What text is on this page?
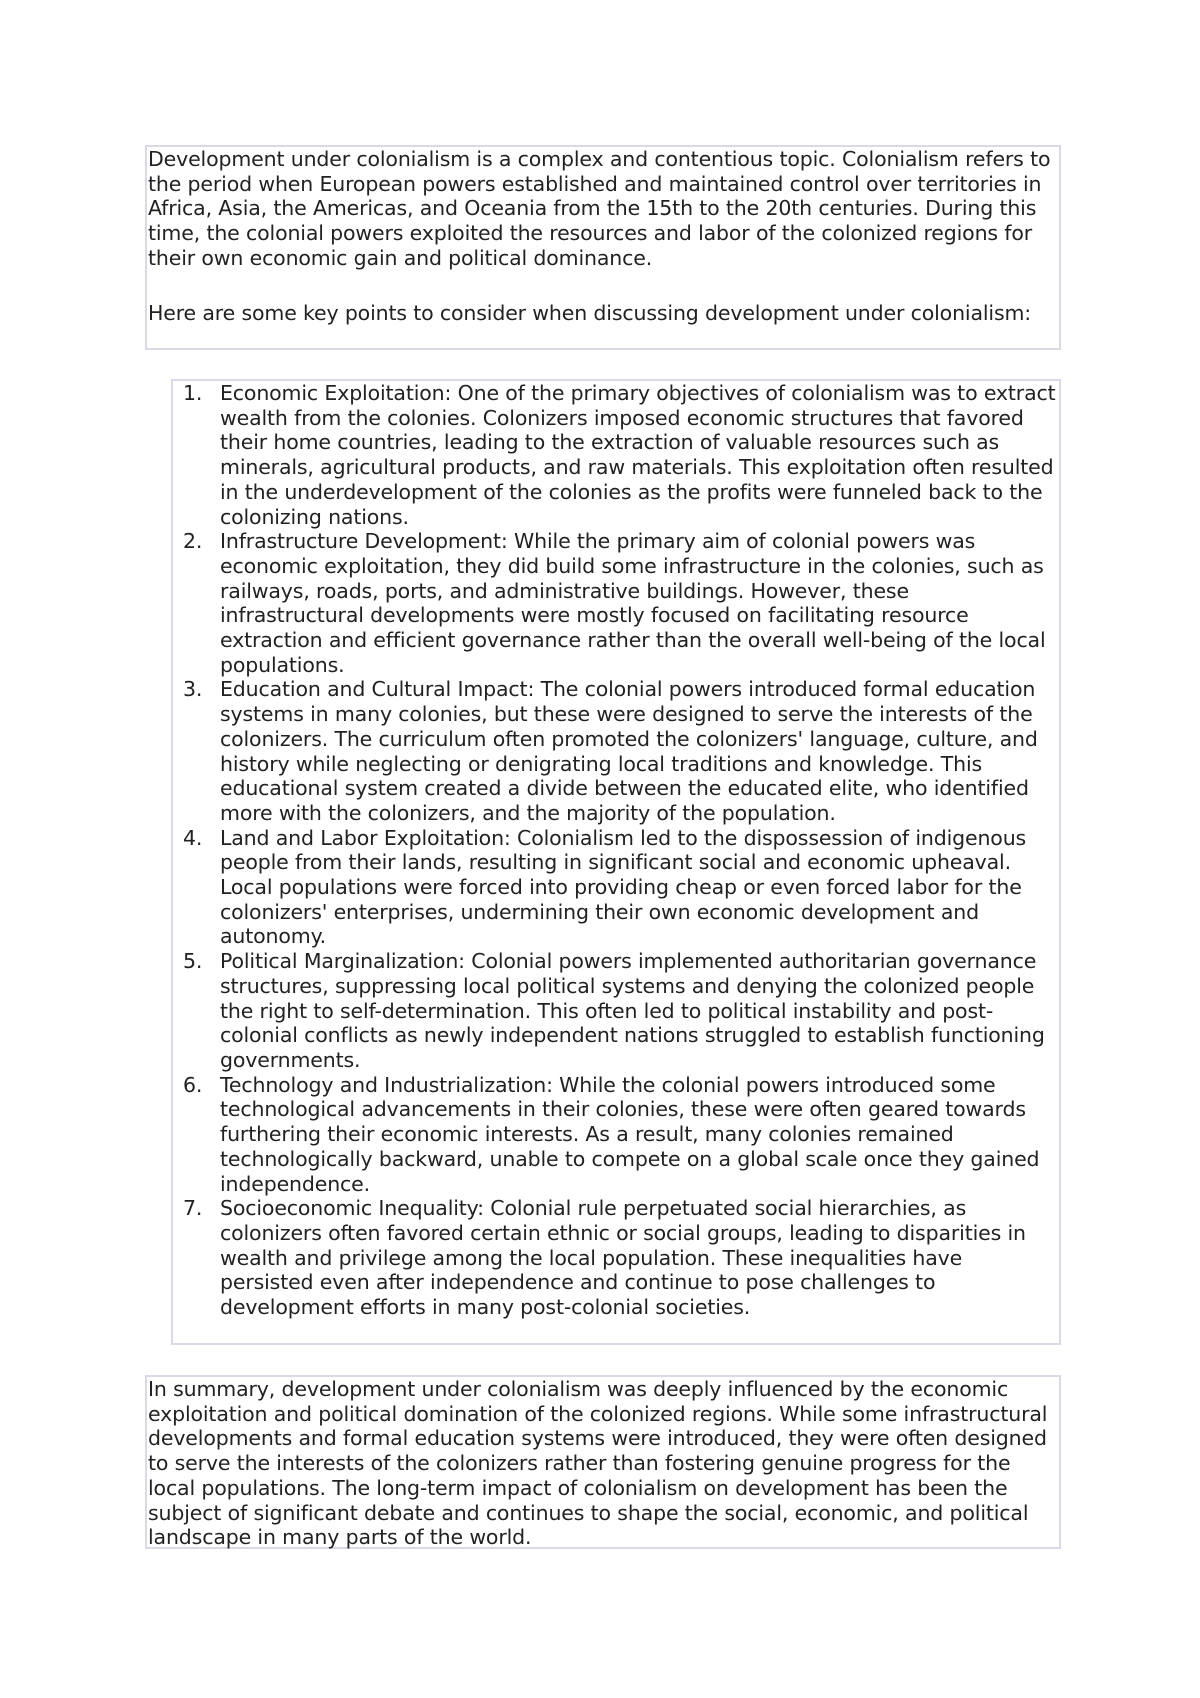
Development under colonialism is a complex and contentious topic. Colonialism refers to the period when European powers established and maintained control over territories in Africa, Asia, the Americas, and Oceania from the 15th to the 20th centuries. During this time, the colonial powers exploited the resources and labor of the colonized regions for their own economic gain and political dominance.

Here are some key points to consider when discussing development under colonialism:

1. Economic Exploitation: One of the primary objectives of colonialism was to extract wealth from the colonies. Colonizers imposed economic structures that favored their home countries, leading to the extraction of valuable resources such as minerals, agricultural products, and raw materials. This exploitation often resulted in the underdevelopment of the colonies as the profits were funneled back to the colonizing nations.
2. Infrastructure Development: While the primary aim of colonial powers was economic exploitation, they did build some infrastructure in the colonies, such as railways, roads, ports, and administrative buildings. However, these infrastructural developments were mostly focused on facilitating resource extraction and efficient governance rather than the overall well-being of the local populations.
3. Education and Cultural Impact: The colonial powers introduced formal education systems in many colonies, but these were designed to serve the interests of the colonizers. The curriculum often promoted the colonizers' language, culture, and history while neglecting or denigrating local traditions and knowledge. This educational system created a divide between the educated elite, who identified more with the colonizers, and the majority of the population.
4. Land and Labor Exploitation: Colonialism led to the dispossession of indigenous people from their lands, resulting in significant social and economic upheaval. Local populations were forced into providing cheap or even forced labor for the colonizers' enterprises, undermining their own economic development and autonomy.
5. Political Marginalization: Colonial powers implemented authoritarian governance structures, suppressing local political systems and denying the colonized people the right to self-determination. This often led to political instability and post-colonial conflicts as newly independent nations struggled to establish functioning governments.
6. Technology and Industrialization: While the colonial powers introduced some technological advancements in their colonies, these were often geared towards furthering their economic interests. As a result, many colonies remained technologically backward, unable to compete on a global scale once they gained independence.
7. Socioeconomic Inequality: Colonial rule perpetuated social hierarchies, as colonizers often favored certain ethnic or social groups, leading to disparities in wealth and privilege among the local population. These inequalities have persisted even after independence and continue to pose challenges to development efforts in many post-colonial societies.

In summary, development under colonialism was deeply influenced by the economic exploitation and political domination of the colonized regions. While some infrastructural developments and formal education systems were introduced, they were often designed to serve the interests of the colonizers rather than fostering genuine progress for the local populations. The long-term impact of colonialism on development has been the subject of significant debate and continues to shape the social, economic, and political landscape in many parts of the world.
